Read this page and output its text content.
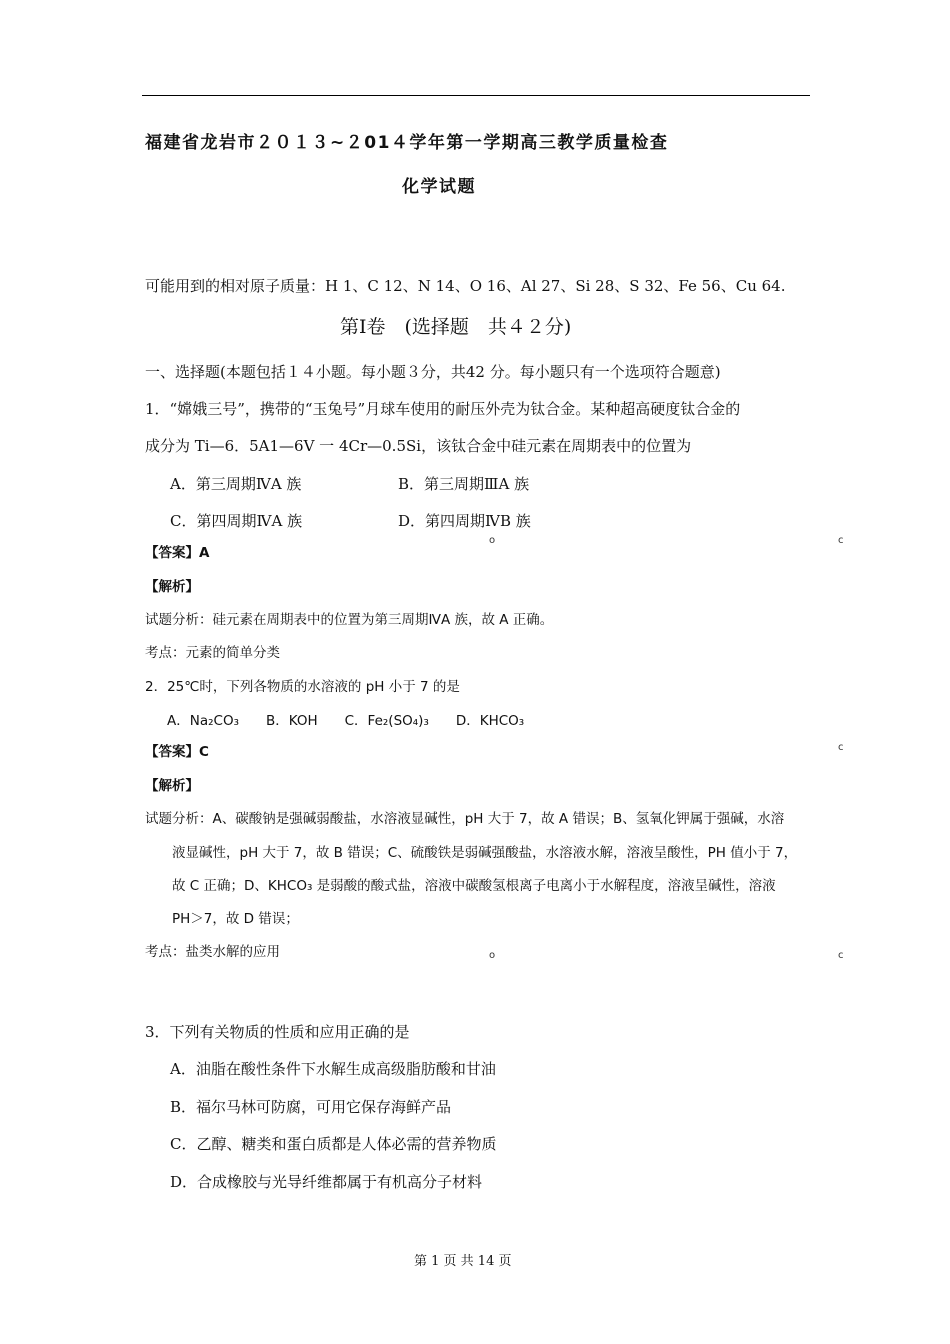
福建省龙岩市２０１３~２01４学年第一学期高三教学质量检查
化学试题
可能用到的相对原子质量：H 1、C 12、N 14、O 16、Al 27、Si 28、S 32、Fe 56、Cu 64.
第Ⅰ卷　(选择题　共４２分)
一、选择题(本题包括１４小题。每小题３分，共42 分。每小题只有一个选项符合题意)
1．“嫦娥三号”，携带的“玉兔号”月球车使用的耐压外壳为钛合金。某种超高硬度钛合金的
成分为 Ti—6．5A1—6V 一 4Cr—0.5Si，该钛合金中硅元素在周期表中的位置为
A．第三周期ⅣA 族	B．第三周期ⅢA 族
C．第四周期ⅣA 族	D．第四周期ⅣB 族
o	c
【答案】A
【解析】
试题分析：硅元素在周期表中的位置为第三周期ⅣA 族，故 A 正确。
考点：元素的简单分类
2．25℃时，下列各物质的水溶液的 pH 小于 7 的是
A．Na₂CO₃　　B．KOH　　C．Fe₂(SO₄)₃　　D．KHCO₃
【答案】C	c
【解析】
试题分析：A、碳酸钠是强碱弱酸盐，水溶液显碱性，pH 大于 7，故 A 错误；B、氢氧化钾属于强碱，水溶
液显碱性，pH 大于 7，故 B 错误；C、硫酸铁是弱碱强酸盐，水溶液水解，溶液呈酸性，PH 值小于 7，
故 C 正确；D、KHCO₃ 是弱酸的酸式盐，溶液中碳酸氢根离子电离小于水解程度，溶液呈碱性，溶液
PH＞7，故 D 错误；
考点：盐类水解的应用	o	c
3．下列有关物质的性质和应用正确的是
A．油脂在酸性条件下水解生成高级脂肪酸和甘油
B．福尔马林可防腐，可用它保存海鲜产品
C．乙醇、糖类和蛋白质都是人体必需的营养物质
D．合成橡胶与光导纤维都属于有机高分子材料
第 1 页 共 14 页
